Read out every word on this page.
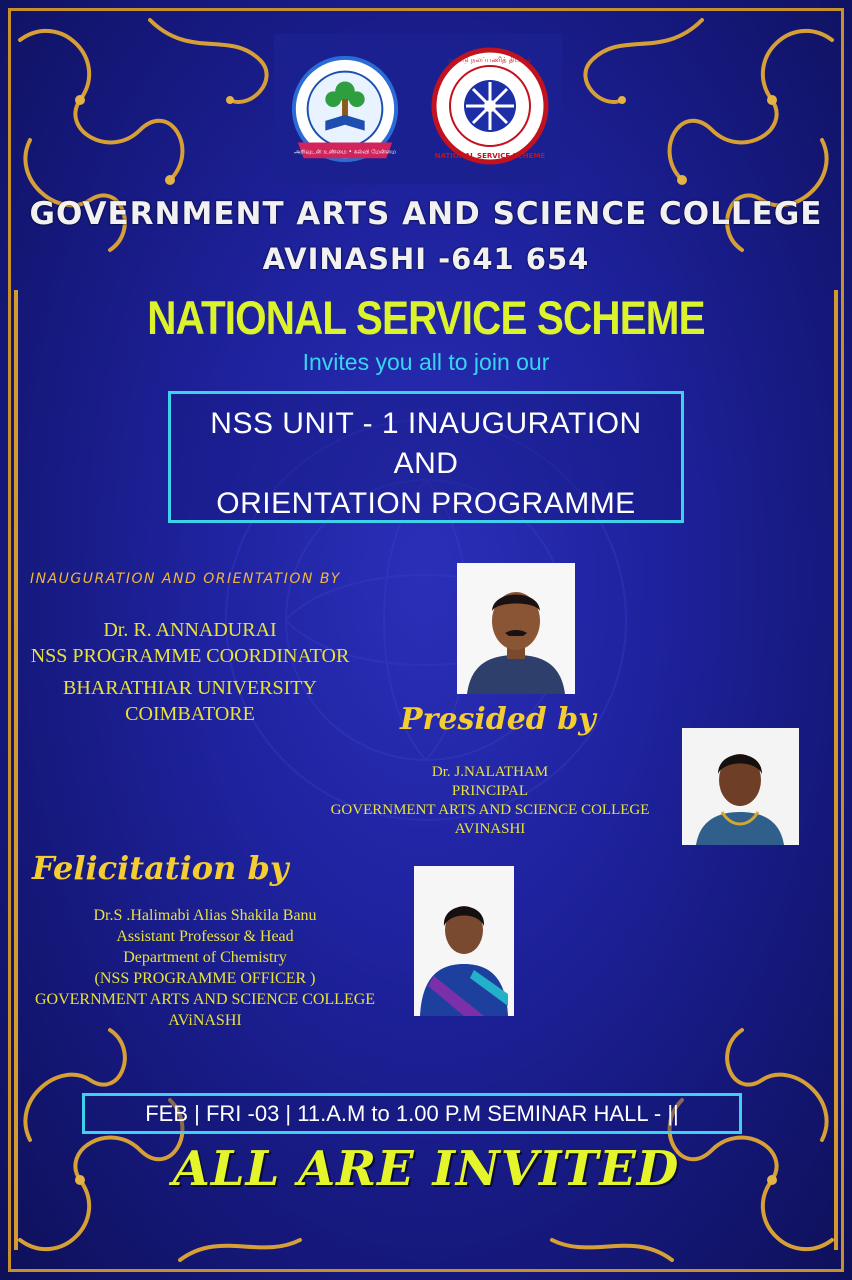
அறிவுடன் உண்மை • கல்வி மேன்மை	NATIONAL SERVICE SCHEME
நாட்டு நலப்பணித் திட்டம்
GOVERNMENT ARTS AND SCIENCE COLLEGE
AVINASHI -641 654
NATIONAL SERVICE SCHEME
Invites you all to join our
NSS UNIT - 1 INAUGURATION
AND
ORIENTATION PROGRAMME
INAUGURATION AND ORIENTATION BY
Dr. R. ANNADURAI
NSS PROGRAMME COORDINATOR
BHARATHIAR UNIVERSITY
COIMBATORE	Presided by
Dr. J.NALATHAM
PRINCIPAL
GOVERNMENT ARTS AND SCIENCE COLLEGE
AVINASHI
Felicitation by
Dr.S .Halimabi Alias Shakila Banu
Assistant Professor & Head
Department of Chemistry
(NSS PROGRAMME OFFICER )
GOVERNMENT ARTS AND SCIENCE COLLEGE
AViNASHI
FEB | FRI -03 | 11.A.M to 1.00 P.M SEMINAR HALL - ||
ALL ARE INVITED
